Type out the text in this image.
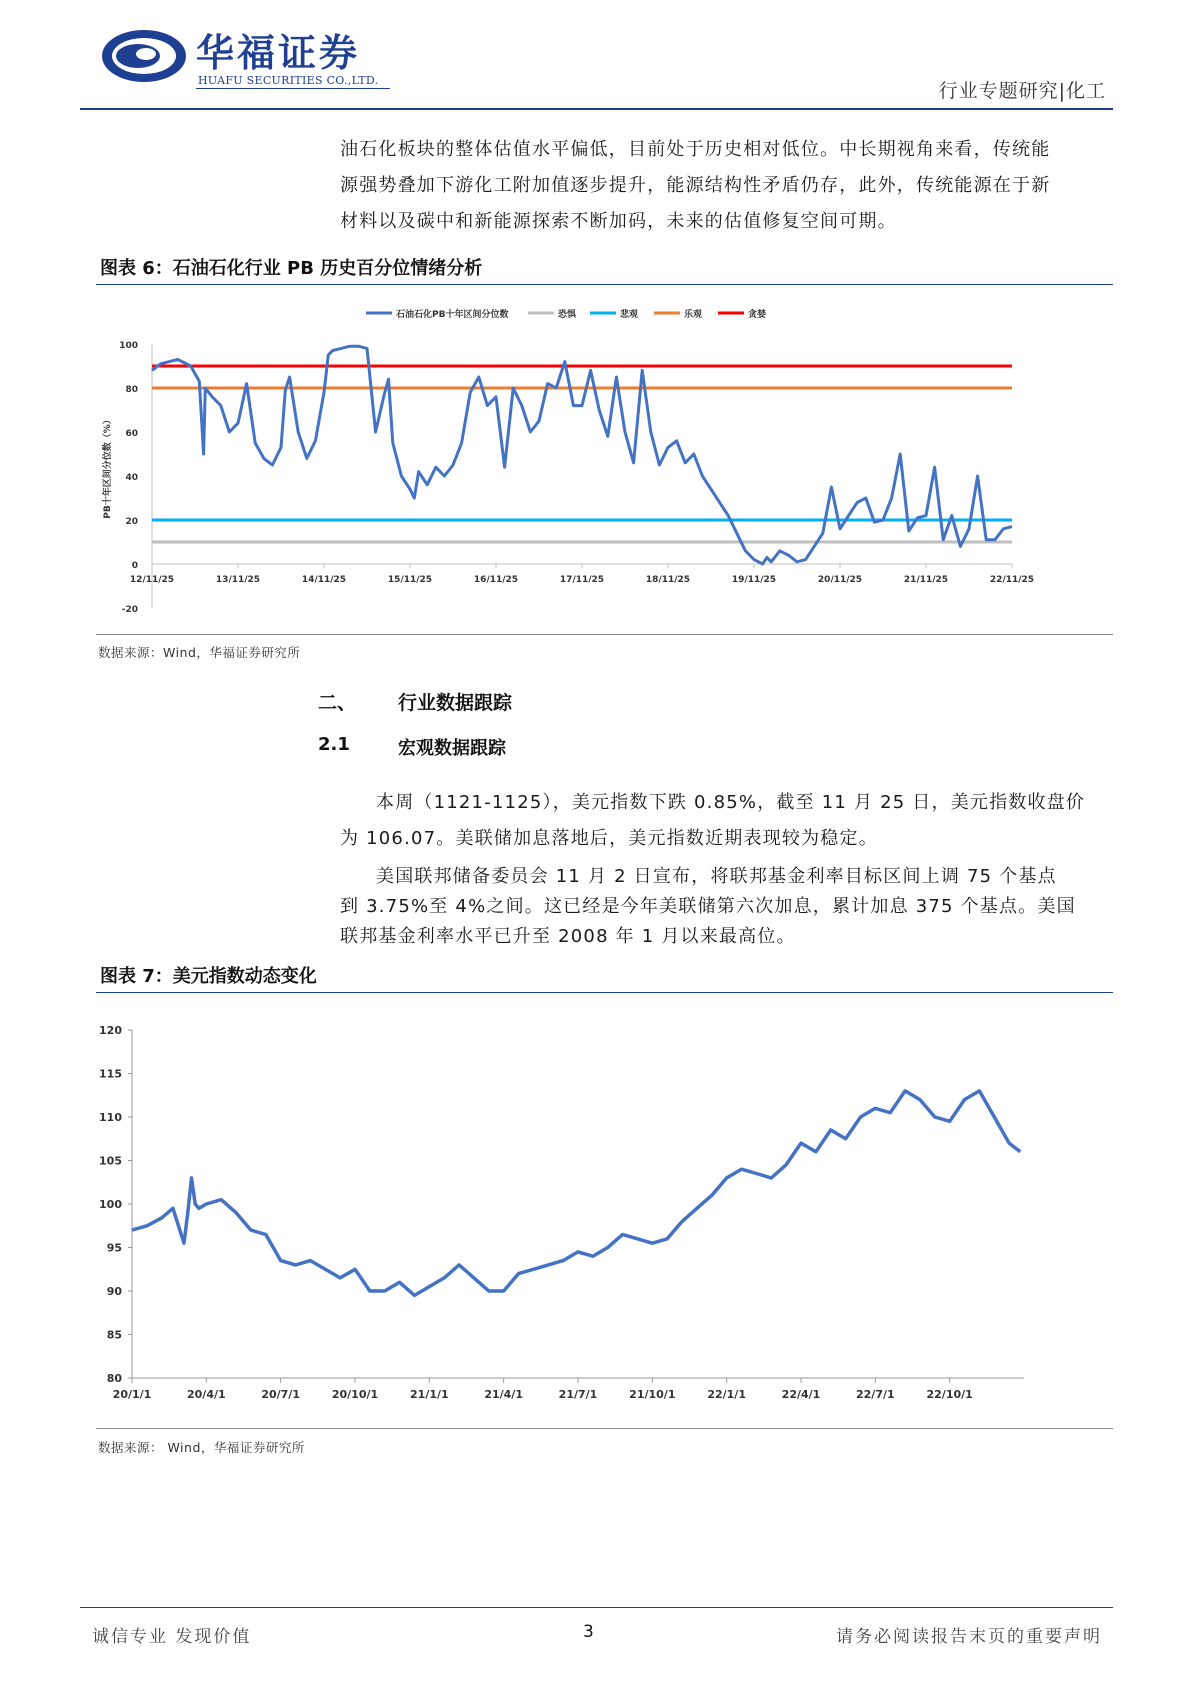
华福证券
HUAFU SECURITIES CO.,LTD.	行业专题研究|化工

油石化板块的整体估值水平偏低，目前处于历史相对低位。中长期视角来看，传统能

源强势叠加下游化工附加值逐步提升，能源结构性矛盾仍存，此外，传统能源在于新

材料以及碳中和新能源探索不断加码，未来的估值修复空间可期。

图表 6：石油石化行业 PB 历史百分位情绪分析
石油石化PB十年区间分位数	恐惧	悲观	乐观	贪婪
PB十年区间分位数（%）
12/11/25	13/11/25	14/11/25	15/11/25	16/11/25	17/11/25	18/11/25	19/11/25	20/11/25	21/11/25	22/11/25
100
80
60
40
20
0
-20
数据来源：Wind，华福证券研究所
二、 行业数据跟踪
2.1	宏观数据跟踪

本周（1121-1125），美元指数下跌 0.85%，截至 11 月 25 日，美元指数收盘价

为 106.07。美联储加息落地后，美元指数近期表现较为稳定。

美国联邦储备委员会 11 月 2 日宣布，将联邦基金利率目标区间上调 75 个基点

到 3.75%至 4%之间。这已经是今年美联储第六次加息，累计加息 375 个基点。美国

联邦基金利率水平已升至 2008 年 1 月以来最高位。

图表 7：美元指数动态变化
20/1/1	20/4/1	20/7/1	20/10/1	21/1/1	21/4/1	21/7/1	21/10/1	22/1/1	22/4/1	22/7/1	22/10/1
120
115
110
105
100
95
90
85
80
数据来源： Wind，华福证券研究所
诚信专业 发现价值	3	请务必阅读报告末页的重要声明
